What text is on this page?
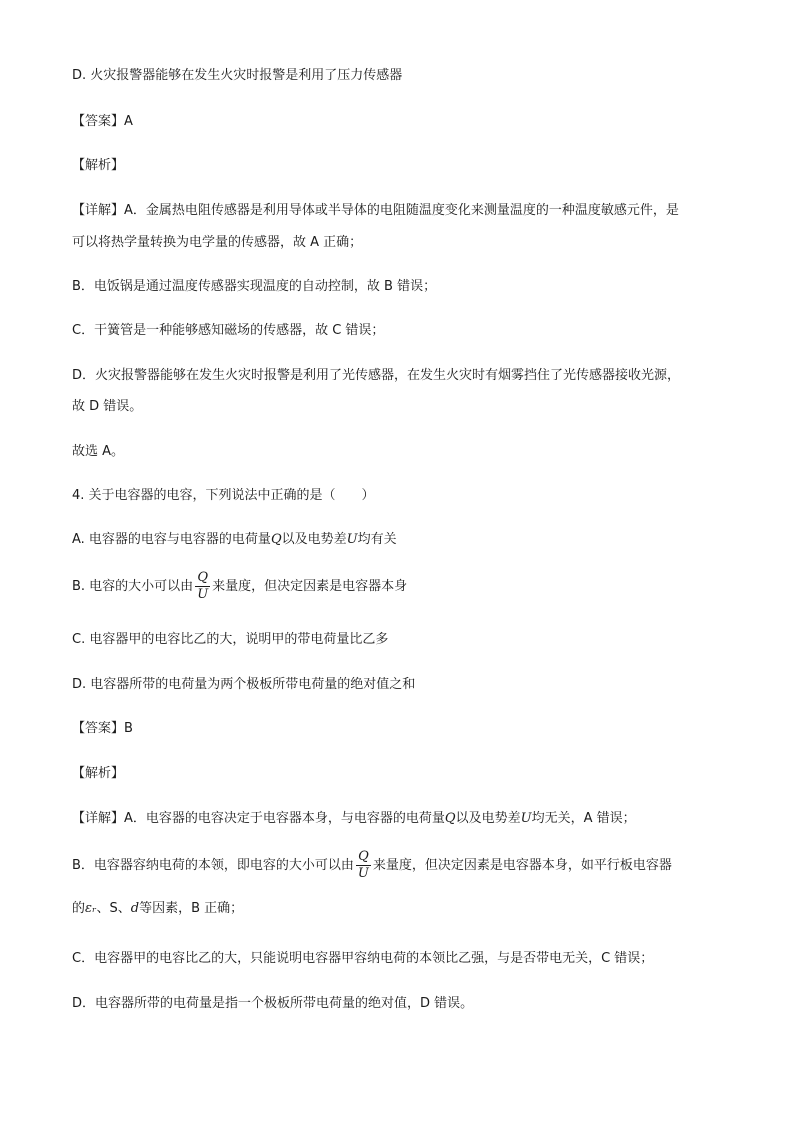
D. 火灾报警器能够在发生火灾时报警是利用了压力传感器
【答案】A
【解析】
【详解】A．金属热电阻传感器是利用导体或半导体的电阻随温度变化来测量温度的一种温度敏感元件，是
可以将热学量转换为电学量的传感器，故 A 正确；
B．电饭锅是通过温度传感器实现温度的自动控制，故 B 错误；
C．干簧管是一种能够感知磁场的传感器，故 C 错误；
D．火灾报警器能够在发生火灾时报警是利用了光传感器，在发生火灾时有烟雾挡住了光传感器接收光源，
故 D 错误。
故选 A。
4. 关于电容器的电容，下列说法中正确的是（　　）
A. 电容器的电容与电容器的电荷量Q以及电势差U均有关
B. 电容的大小可以由 $\frac{Q}{U}$ 来量度，但决定因素是电容器本身
C. 电容器甲的电容比乙的大，说明甲的带电荷量比乙多
D. 电容器所带的电荷量为两个极板所带电荷量的绝对值之和
【答案】B
【解析】
【详解】A．电容器的电容决定于电容器本身，与电容器的电荷量Q以及电势差U均无关，A 错误；
B．电容器容纳电荷的本领，即电容的大小可以由 $\frac{Q}{U}$ 来量度，但决定因素是电容器本身，如平行板电容器
的εᵣ、S、d等因素，B 正确；
C．电容器甲的电容比乙的大，只能说明电容器甲容纳电荷的本领比乙强，与是否带电无关，C 错误；
D．电容器所带的电荷量是指一个极板所带电荷量的绝对值，D 错误。
